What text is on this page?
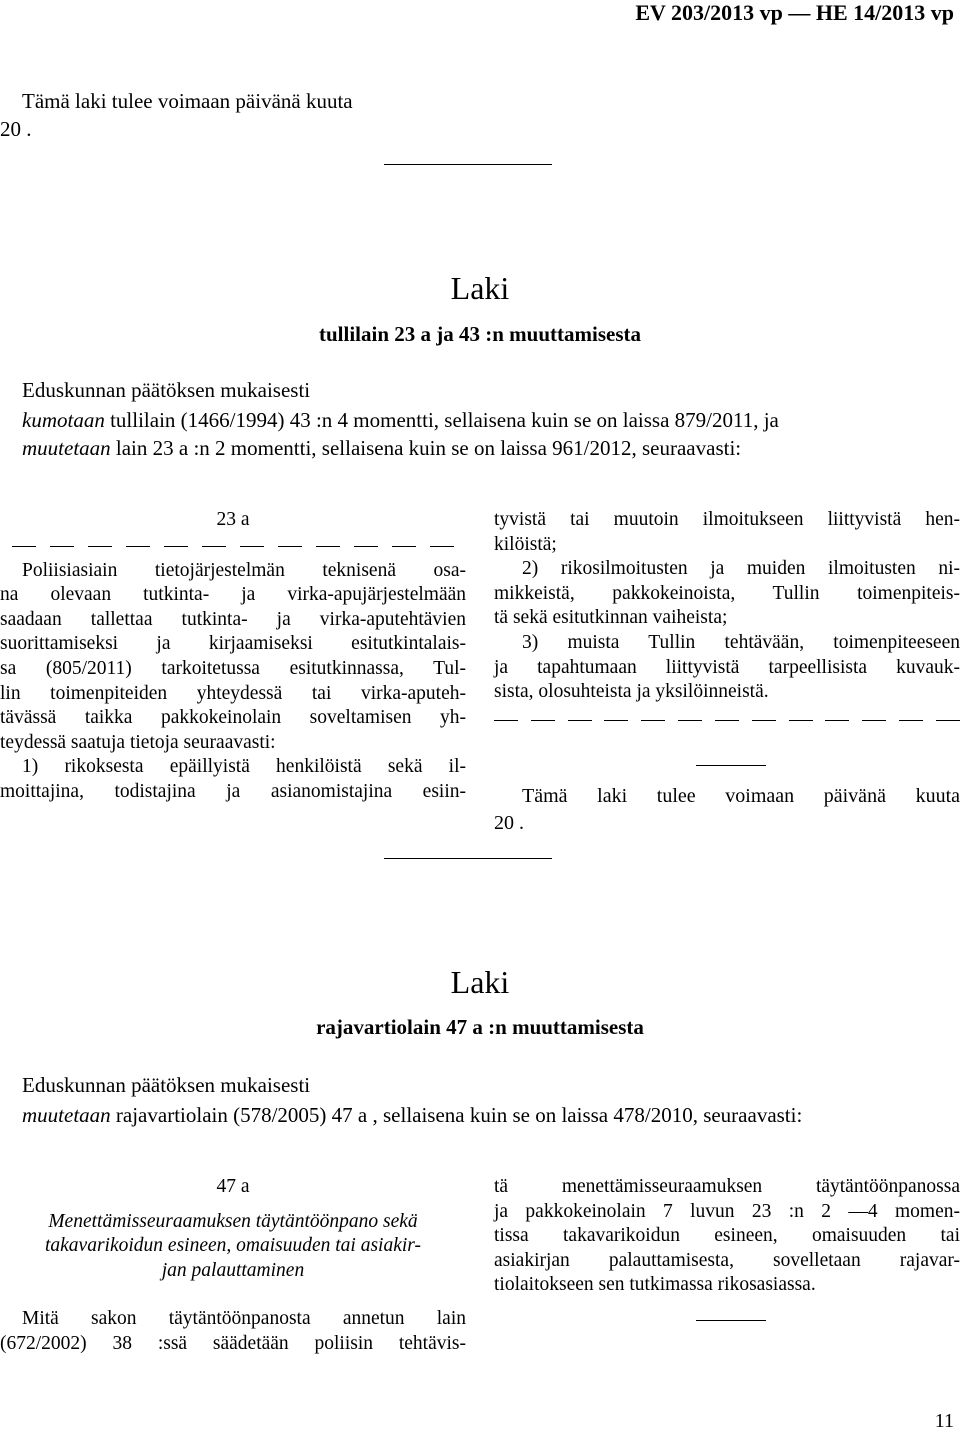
EV 203/2013 vp — HE 14/2013 vp
Tämä laki tulee voimaan päivänä kuuta
20 .
Laki
tullilain 23 a ja 43 :n muuttamisesta
Eduskunnan päätöksen mukaisesti
kumotaan tullilain (1466/1994) 43 :n 4 momentti, sellaisena kuin se on laissa 879/2011, ja
muutetaan lain 23 a :n 2 momentti, sellaisena kuin se on laissa 961/2012, seuraavasti:
23 a
Poliisiasiain tietojärjestelmän teknisenä osa-
na olevaan tutkinta- ja virka-apujärjestelmään
saadaan tallettaa tutkinta- ja virka-aputehtävien
suorittamiseksi ja kirjaamiseksi esitutkintalais-
sa (805/2011) tarkoitetussa esitutkinnassa, Tul-
lin toimenpiteiden yhteydessä tai virka-aputeh-
tävässä taikka pakkokeinolain soveltamisen yh-
teydessä saatuja tietoja seuraavasti:
1) rikoksesta epäillyistä henkilöistä sekä il-
moittajina, todistajina ja asianomistajina esiin-
tyvistä tai muutoin ilmoitukseen liittyvistä hen-
kilöistä;
2) rikosilmoitusten ja muiden ilmoitusten ni-
mikkeistä, pakkokeinoista, Tullin toimenpiteis-
tä sekä esitutkinnan vaiheista;
3) muista Tullin tehtävään, toimenpiteeseen
ja tapahtumaan liittyvistä tarpeellisista kuvauk-
sista, olosuhteista ja yksilöinneistä.
Tämä laki tulee voimaan päivänä kuuta
20 .
Laki
rajavartiolain 47 a :n muuttamisesta
Eduskunnan päätöksen mukaisesti
muutetaan rajavartiolain (578/2005) 47 a , sellaisena kuin se on laissa 478/2010, seuraavasti:
47 a
Menettämisseuraamuksen täytäntöönpano sekä
takavarikoidun esineen, omaisuuden tai asiakir-
jan palauttaminen
Mitä sakon täytäntöönpanosta annetun lain
(672/2002) 38 :ssä säädetään poliisin tehtävis-
tä menettämisseuraamuksen täytäntöönpanossa
ja pakkokeinolain 7 luvun 23 :n 2 —4 momen-
tissa takavarikoidun esineen, omaisuuden tai
asiakirjan palauttamisesta, sovelletaan rajavar-
tiolaitokseen sen tutkimassa rikosasiassa.
11
